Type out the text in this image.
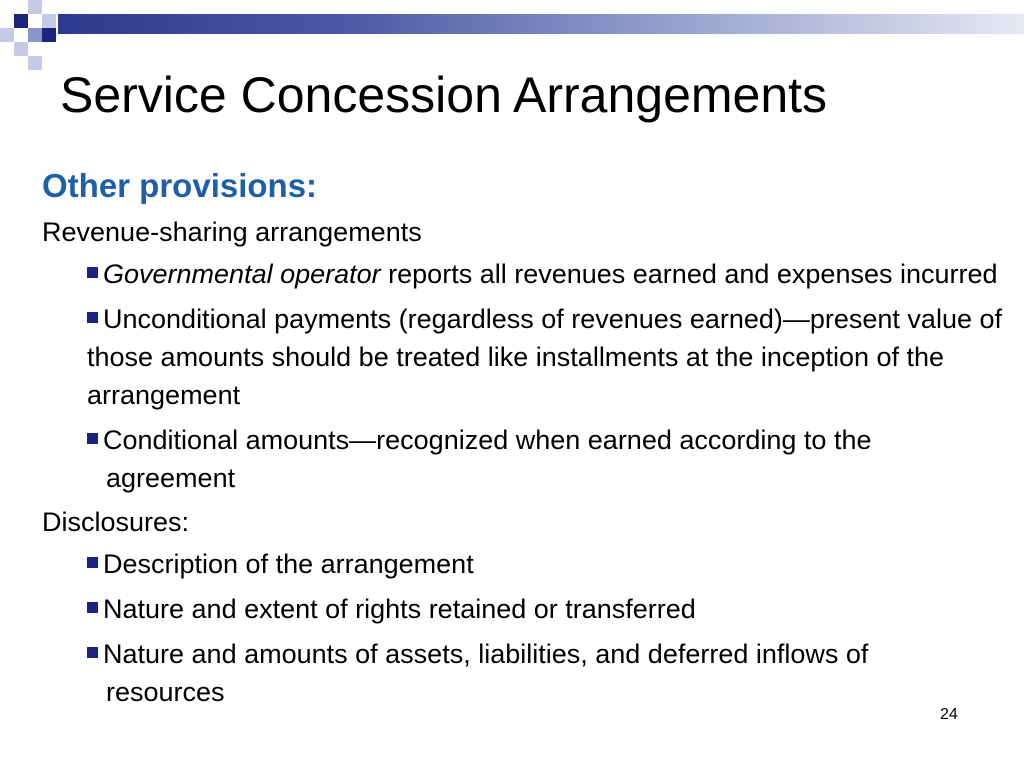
Service Concession Arrangements
Other provisions:
Revenue-sharing arrangements
Governmental operator reports all revenues earned and expenses incurred
Unconditional payments (regardless of revenues earned)—present value of those amounts should be treated like installments at the inception of the arrangement
Conditional amounts—recognized when earned according to the agreement
Disclosures:
Description of the arrangement
Nature and extent of rights retained or transferred
Nature and amounts of assets, liabilities, and deferred inflows of resources
24
